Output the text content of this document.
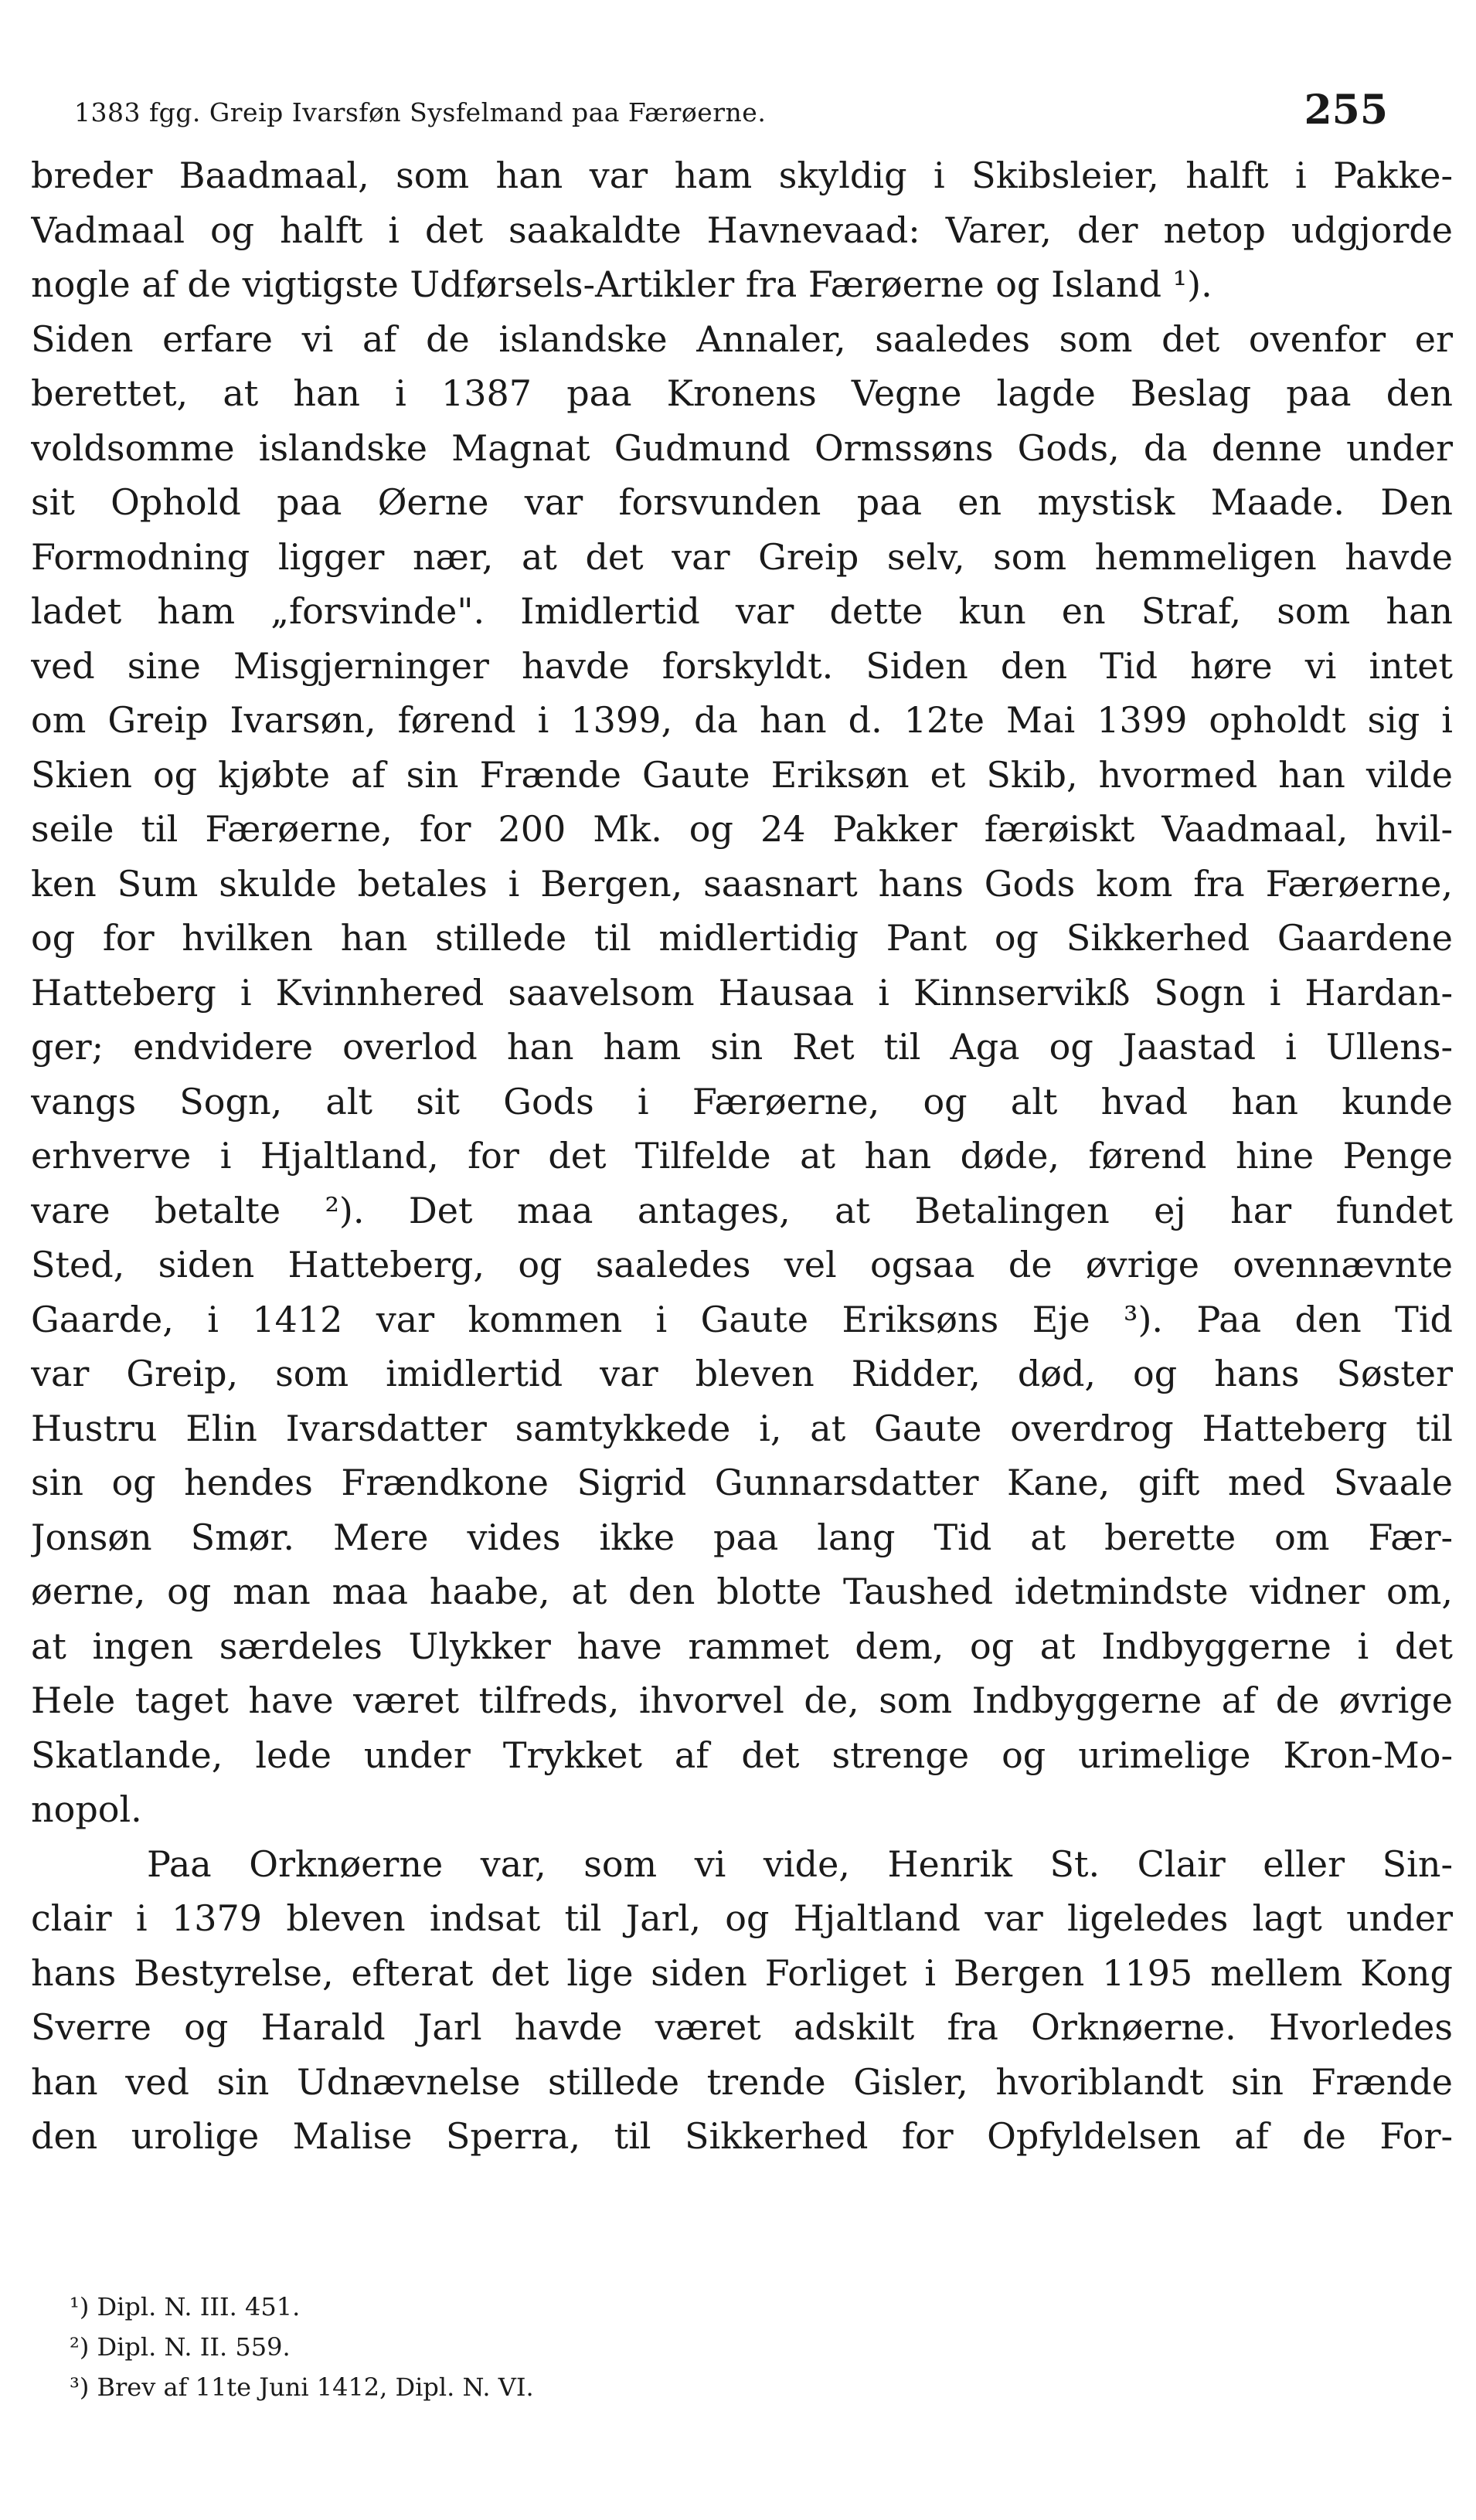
1383 fgg. Greip Ivarsføn Sysfelmand paa Færøerne.	255
breder Baadmaal, som han var ham skyldig i Skibsleier, halft i Pakke-
Vadmaal og halft i det saakaldte Havnevaad: Varer, der netop udgjorde
nogle af de vigtigste Udførsels-Artikler fra Færøerne og Island ¹).
Siden erfare vi af de islandske Annaler, saaledes som det ovenfor er
berettet, at han i 1387 paa Kronens Vegne lagde Beslag paa den
voldsomme islandske Magnat Gudmund Ormssøns Gods, da denne under
sit Ophold paa Øerne var forsvunden paa en mystisk Maade. Den
Formodning ligger nær, at det var Greip selv, som hemmeligen havde
ladet ham „forsvinde". Imidlertid var dette kun en Straf, som han
ved sine Misgjerninger havde forskyldt. Siden den Tid høre vi intet
om Greip Ivarsøn, førend i 1399, da han d. 12te Mai 1399 opholdt sig i
Skien og kjøbte af sin Frænde Gaute Eriksøn et Skib, hvormed han vilde
seile til Færøerne, for 200 Mk. og 24 Pakker færøiskt Vaadmaal, hvil-
ken Sum skulde betales i Bergen, saasnart hans Gods kom fra Færøerne,
og for hvilken han stillede til midlertidig Pant og Sikkerhed Gaardene
Hatteberg i Kvinnhered saavelsom Hausaa i Kinnservikß Sogn i Hardan-
ger; endvidere overlod han ham sin Ret til Aga og Jaastad i Ullens-
vangs Sogn, alt sit Gods i Færøerne, og alt hvad han kunde
erhverve i Hjaltland, for det Tilfelde at han døde, førend hine Penge
vare betalte ²). Det maa antages, at Betalingen ej har fundet
Sted, siden Hatteberg, og saaledes vel ogsaa de øvrige ovennævnte
Gaarde, i 1412 var kommen i Gaute Eriksøns Eje ³). Paa den Tid
var Greip, som imidlertid var bleven Ridder, død, og hans Søster
Hustru Elin Ivarsdatter samtykkede i, at Gaute overdrog Hatteberg til
sin og hendes Frændkone Sigrid Gunnarsdatter Kane, gift med Svaale
Jonsøn Smør. Mere vides ikke paa lang Tid at berette om Fær-
øerne, og man maa haabe, at den blotte Taushed idetmindste vidner om,
at ingen særdeles Ulykker have rammet dem, og at Indbyggerne i det
Hele taget have været tilfreds, ihvorvel de, som Indbyggerne af de øvrige
Skatlande, lede under Trykket af det strenge og urimelige Kron-Mo-
nopol.
Paa Orknøerne var, som vi vide, Henrik St. Clair eller Sin-
clair i 1379 bleven indsat til Jarl, og Hjaltland var ligeledes lagt under
hans Bestyrelse, efterat det lige siden Forliget i Bergen 1195 mellem Kong
Sverre og Harald Jarl havde været adskilt fra Orknøerne. Hvorledes
han ved sin Udnævnelse stillede trende Gisler, hvoriblandt sin Frænde
den urolige Malise Sperra, til Sikkerhed for Opfyldelsen af de For-
¹) Dipl. N. III. 451.
²) Dipl. N. II. 559.
³) Brev af 11te Juni 1412, Dipl. N. VI.
